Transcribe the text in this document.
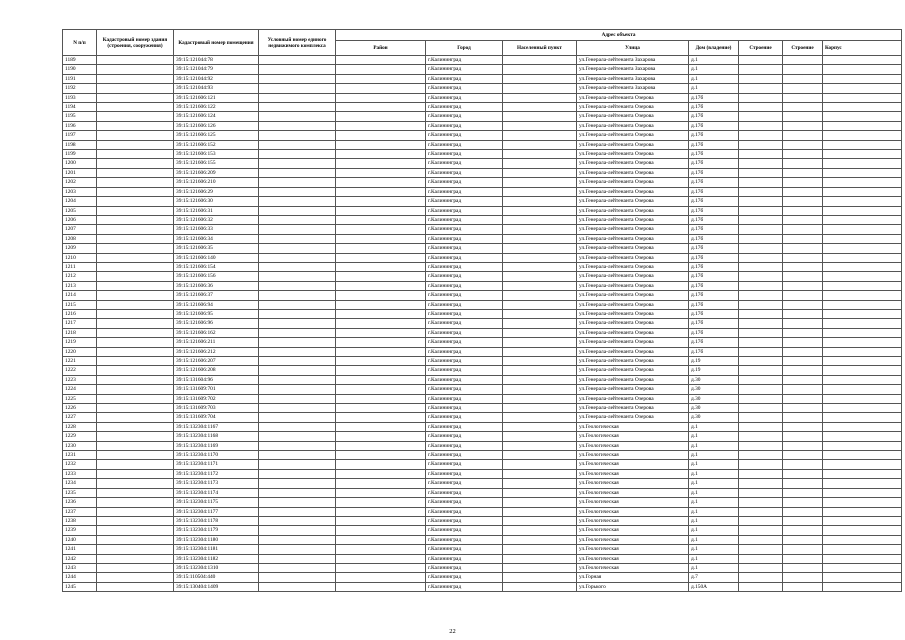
N п/п	Кадастровый номер здания (строения, сооружения)	Кадастровый номер помещения	Условный номер единого недвижимого комплекса	Адрес объекта							
				Район	Город	Населенный пункт	Улица	Дом (владение)	Строение	Строение	Корпус
1189		39:15:121044:78			г.Калининград		ул.Генерала-лейтенанта Захарова	д.1			
1190		39:15:121044:79			г.Калининград		ул.Генерала-лейтенанта Захарова	д.1			
1191		39:15:121044:92			г.Калининград		ул.Генерала-лейтенанта Захарова	д.1			
1192		39:15:121044:93			г.Калининград		ул.Генерала-лейтенанта Захарова	д.1			
1193		39:15:121606:121			г.Калининград		ул.Генерала-лейтенанта Озерова	д.17б			
1194		39:15:121606:122			г.Калининград		ул.Генерала-лейтенанта Озерова	д.17б			
1195		39:15:121606:124			г.Калининград		ул.Генерала-лейтенанта Озерова	д.17б			
1196		39:15:121606:126			г.Калининград		ул.Генерала-лейтенанта Озерова	д.17б			
1197		39:15:121606:125			г.Калининград		ул.Генерала-лейтенанта Озерова	д.17б			
1198		39:15:121606:152			г.Калининград		ул.Генерала-лейтенанта Озерова	д.17б			
1199		39:15:121606:153			г.Калининград		ул.Генерала-лейтенанта Озерова	д.17б			
1200		39:15:121606:155			г.Калининград		ул.Генерала-лейтенанта Озерова	д.17б			
1201		39:15:121606:209			г.Калининград		ул.Генерала-лейтенанта Озерова	д.17б			
1202		39:15:121606:210			г.Калининград		ул.Генерала-лейтенанта Озерова	д.17б			
1203		39:15:121606:29			г.Калининград		ул.Генерала-лейтенанта Озерова	д.17б			
1204		39:15:121606:30			г.Калининград		ул.Генерала-лейтенанта Озерова	д.17б			
1205		39:15:121606:31			г.Калининград		ул.Генерала-лейтенанта Озерова	д.17б			
1206		39:15:121606:32			г.Калининград		ул.Генерала-лейтенанта Озерова	д.17б			
1207		39:15:121606:33			г.Калининград		ул.Генерала-лейтенанта Озерова	д.17б			
1208		39:15:121606:34			г.Калининград		ул.Генерала-лейтенанта Озерова	д.17б			
1209		39:15:121606:35			г.Калининград		ул.Генерала-лейтенанта Озерова	д.17б			
1210		39:15:121606:140			г.Калининград		ул.Генерала-лейтенанта Озерова	д.17б			
1211		39:15:121606:154			г.Калининград		ул.Генерала-лейтенанта Озерова	д.17б			
1212		39:15:121606:156			г.Калининград		ул.Генерала-лейтенанта Озерова	д.17б			
1213		39:15:121606:36			г.Калининград		ул.Генерала-лейтенанта Озерова	д.17б			
1214		39:15:121606:37			г.Калининград		ул.Генерала-лейтенанта Озерова	д.17б			
1215		39:15:121606:94			г.Калининград		ул.Генерала-лейтенанта Озерова	д.17б			
1216		39:15:121606:95			г.Калининград		ул.Генерала-лейтенанта Озерова	д.17б			
1217		39:15:121606:96			г.Калининград		ул.Генерала-лейтенанта Озерова	д.17б			
1218		39:15:121606:162			г.Калининград		ул.Генерала-лейтенанта Озерова	д.17б			
1219		39:15:121606:211			г.Калининград		ул.Генерала-лейтенанта Озерова	д.17б			
1220		39:15:121606:212			г.Калининград		ул.Генерала-лейтенанта Озерова	д.17б			
1221		39:15:121606:207			г.Калининград		ул.Генерала-лейтенанта Озерова	д.19			
1222		39:15:121606:208			г.Калининград		ул.Генерала-лейтенанта Озерова	д.19			
1223		39:15:131604:96			г.Калининград		ул.Генерала-лейтенанта Озерова	д.30			
1224		39:15:131609:701			г.Калининград		ул.Генерала-лейтенанта Озерова	д.30			
1225		39:15:131609:702			г.Калининград		ул.Генерала-лейтенанта Озерова	д.30			
1226		39:15:131609:703			г.Калининград		ул.Генерала-лейтенанта Озерова	д.30			
1227		39:15:131609:704			г.Калининград		ул.Генерала-лейтенанта Озерова	д.30			
1228		39:15:132304:1167			г.Калининград		ул.Геологическая	д.1			
1229		39:15:132304:1168			г.Калининград		ул.Геологическая	д.1			
1230		39:15:132304:1169			г.Калининград		ул.Геологическая	д.1			
1231		39:15:132304:1170			г.Калининград		ул.Геологическая	д.1			
1232		39:15:132304:1171			г.Калининград		ул.Геологическая	д.1			
1233		39:15:132304:1172			г.Калининград		ул.Геологическая	д.1			
1234		39:15:132304:1173			г.Калининград		ул.Геологическая	д.1			
1235		39:15:132304:1174			г.Калининград		ул.Геологическая	д.1			
1236		39:15:132304:1175			г.Калининград		ул.Геологическая	д.1			
1237		39:15:132304:1177			г.Калининград		ул.Геологическая	д.1			
1238		39:15:132304:1178			г.Калининград		ул.Геологическая	д.1			
1239		39:15:132304:1179			г.Калининград		ул.Геологическая	д.1			
1240		39:15:132304:1180			г.Калининград		ул.Геологическая	д.1			
1241		39:15:132304:1181			г.Калининград		ул.Геологическая	д.1			
1242		39:15:132304:1182			г.Калининград		ул.Геологическая	д.1			
1243		39:15:132304:1310			г.Калининград		ул.Геологическая	д.1			
1244		39:15:110504:440			г.Калининград		ул.Горная	д.7			
1245		39:15:130404:1409			г.Калининград		ул.Горького	д.150А			
22
